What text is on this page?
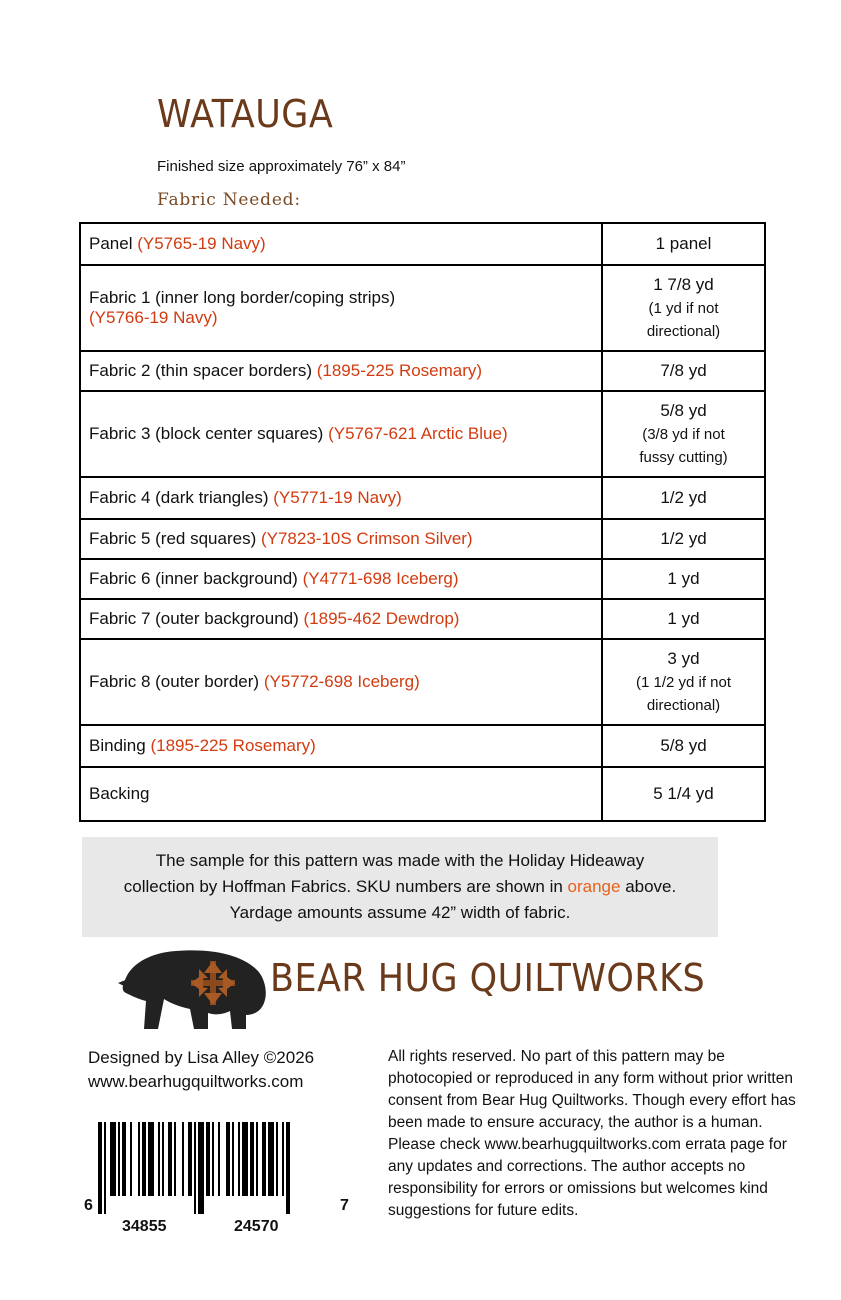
WATAUGA
Finished size approximately 76” x 84”
Fabric Needed:
Panel (Y5765-19 Navy)	1 panel

Fabric 1 (inner long border/coping strips)
(Y5766-19 Navy)	1 7/8 yd
(1 yd if not directional)

Fabric 2 (thin spacer borders) (1895-225 Rosemary)	7/8 yd

Fabric 3 (block center squares) (Y5767-621 Arctic Blue)	5/8 yd
(3/8 yd if not fussy cutting)

Fabric 4 (dark triangles) (Y5771-19 Navy)	1/2 yd

Fabric 5 (red squares) (Y7823-10S Crimson Silver)	1/2 yd

Fabric 6 (inner background) (Y4771-698 Iceberg)	1 yd

Fabric 7 (outer background) (1895-462 Dewdrop)	1 yd

Fabric 8 (outer border) (Y5772-698 Iceberg)	3 yd
(1 1/2 yd if not directional)

Binding (1895-225 Rosemary)	5/8 yd

Backing	5 1/4 yd
The sample for this pattern was made with the Holiday Hideaway
collection by Hoffman Fabrics. SKU numbers are shown in orange above.
Yardage amounts assume 42” width of fabric.
BEAR HUG QUILTWORKS
Designed by Lisa Alley ©2026
www.bearhugquiltworks.com
All rights reserved. No part of this pattern may be photocopied or reproduced in any form without prior written consent from Bear Hug Quiltworks. Though every effort has been made to ensure accuracy, the author is a human. Please check www.bearhugquiltworks.com errata page for any updates and corrections. The author accepts no responsibility for errors or omissions but welcomes kind suggestions for future edits.
6
34855	24570
7
